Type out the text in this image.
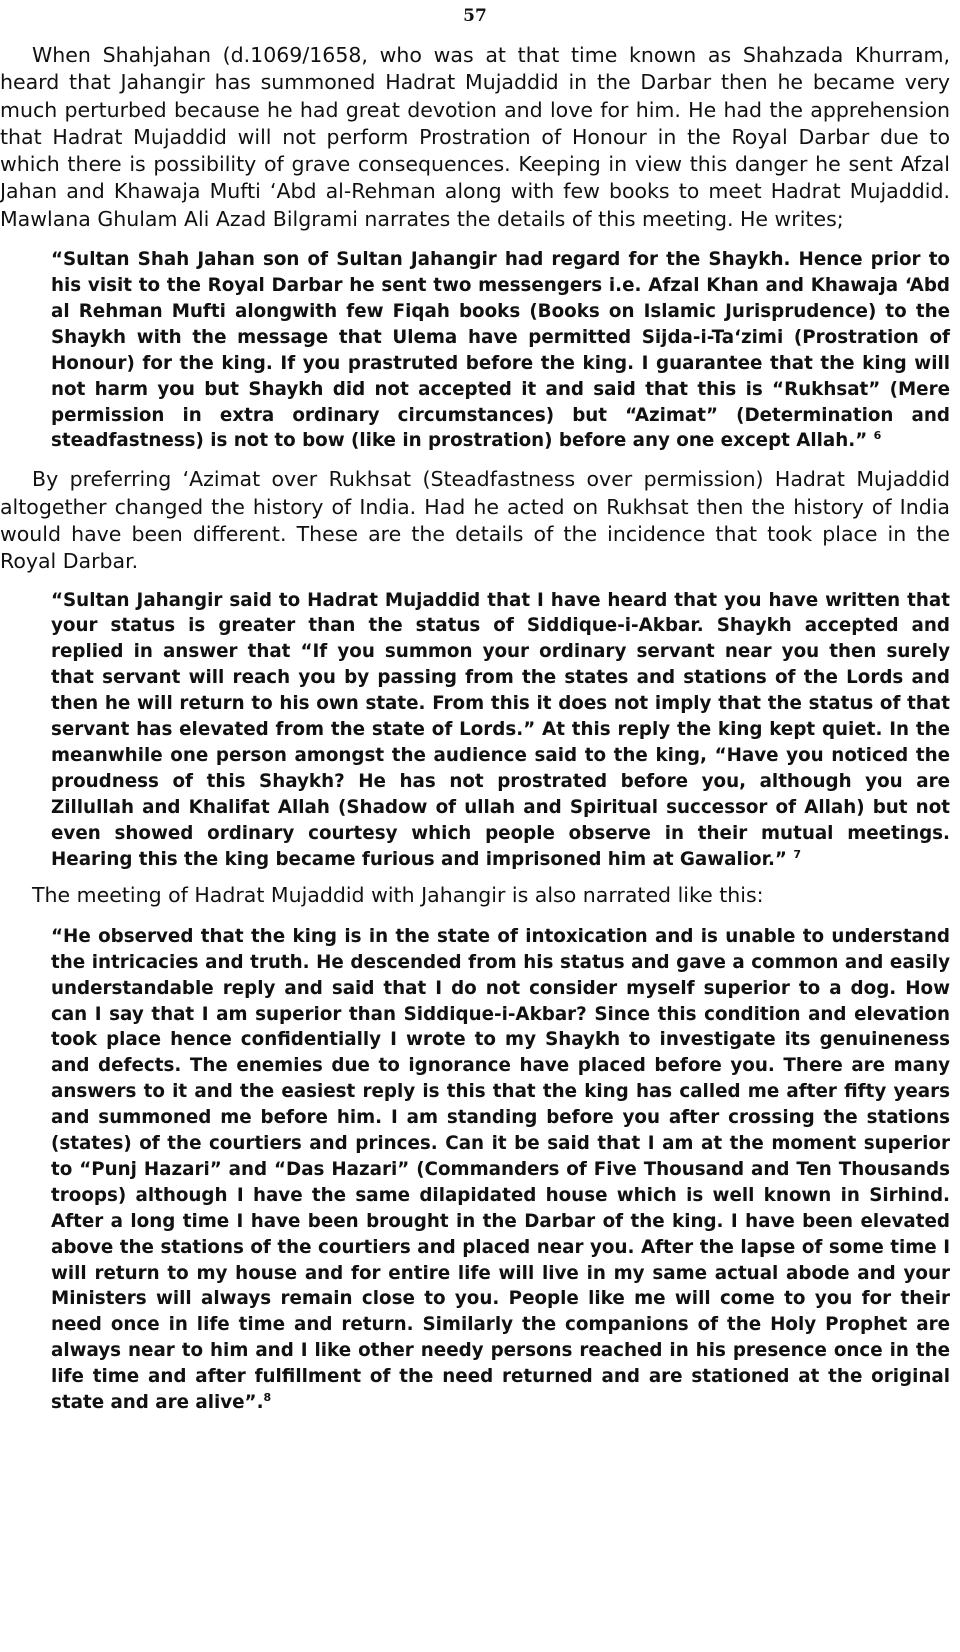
57

When Shahjahan (d.1069/1658, who was at that time known as Shahzada Khurram, heard that Jahangir has summoned Hadrat Mujaddid in the Darbar then he became very much perturbed because he had great devotion and love for him. He had the apprehension that Hadrat Mujaddid will not perform Prostration of Honour in the Royal Darbar due to which there is possibility of grave consequences. Keeping in view this danger he sent Afzal Jahan and Khawaja Mufti ‘Abd al-Rehman along with few books to meet Hadrat Mujaddid. Mawlana Ghulam Ali Azad Bilgrami narrates the details of this meeting. He writes;

“Sultan Shah Jahan son of Sultan Jahangir had regard for the Shaykh. Hence prior to his visit to the Royal Darbar he sent two messengers i.e. Afzal Khan and Khawaja ‘Abd al Rehman Mufti alongwith few Fiqah books (Books on Islamic Jurisprudence) to the Shaykh with the message that Ulema have permitted Sijda-i-Ta‘zimi (Prostration of Honour) for the king. If you prastruted before the king. I guarantee that the king will not harm you but Shaykh did not accepted it and said that this is “Rukhsat” (Mere permission in extra ordinary circumstances) but “Azimat” (Determination and steadfastness) is not to bow (like in prostration) before any one except Allah.” $^6$

By preferring ‘Azimat over Rukhsat (Steadfastness over permission) Hadrat Mujaddid altogether changed the history of India. Had he acted on Rukhsat then the history of India would have been different. These are the details of the incidence that took place in the Royal Darbar.

“Sultan Jahangir said to Hadrat Mujaddid that I have heard that you have written that your status is greater than the status of Siddique-i-Akbar. Shaykh accepted and replied in answer that “If you summon your ordinary servant near you then surely that servant will reach you by passing from the states and stations of the Lords and then he will return to his own state. From this it does not imply that the status of that servant has elevated from the state of Lords.” At this reply the king kept quiet. In the meanwhile one person amongst the audience said to the king, “Have you noticed the proudness of this Shaykh? He has not prostrated before you, although you are Zillullah and Khalifat Allah (Shadow of ullah and Spiritual successor of Allah) but not even showed ordinary courtesy which people observe in their mutual meetings. Hearing this the king became furious and imprisoned him at Gawalior.” $^7$

The meeting of Hadrat Mujaddid with Jahangir is also narrated like this:

“He observed that the king is in the state of intoxication and is unable to understand the intricacies and truth. He descended from his status and gave a common and easily understandable reply and said that I do not consider myself superior to a dog. How can I say that I am superior than Siddique-i-Akbar? Since this condition and elevation took place hence confidentially I wrote to my Shaykh to investigate its genuineness and defects. The enemies due to ignorance have placed before you. There are many answers to it and the easiest reply is this that the king has called me after fifty years and summoned me before him. I am standing before you after crossing the stations (states) of the courtiers and princes. Can it be said that I am at the moment superior to “Punj Hazari” and “Das Hazari” (Commanders of Five Thousand and Ten Thousands troops) although I have the same dilapidated house which is well known in Sirhind. After a long time I have been brought in the Darbar of the king. I have been elevated above the stations of the courtiers and placed near you. After the lapse of some time I will return to my house and for entire life will live in my same actual abode and your Ministers will always remain close to you. People like me will come to you for their need once in life time and return. Similarly the companions of the Holy Prophet are always near to him and I like other needy persons reached in his presence once in the life time and after fulfillment of the need returned and are stationed at the original state and are alive”.$^8$
